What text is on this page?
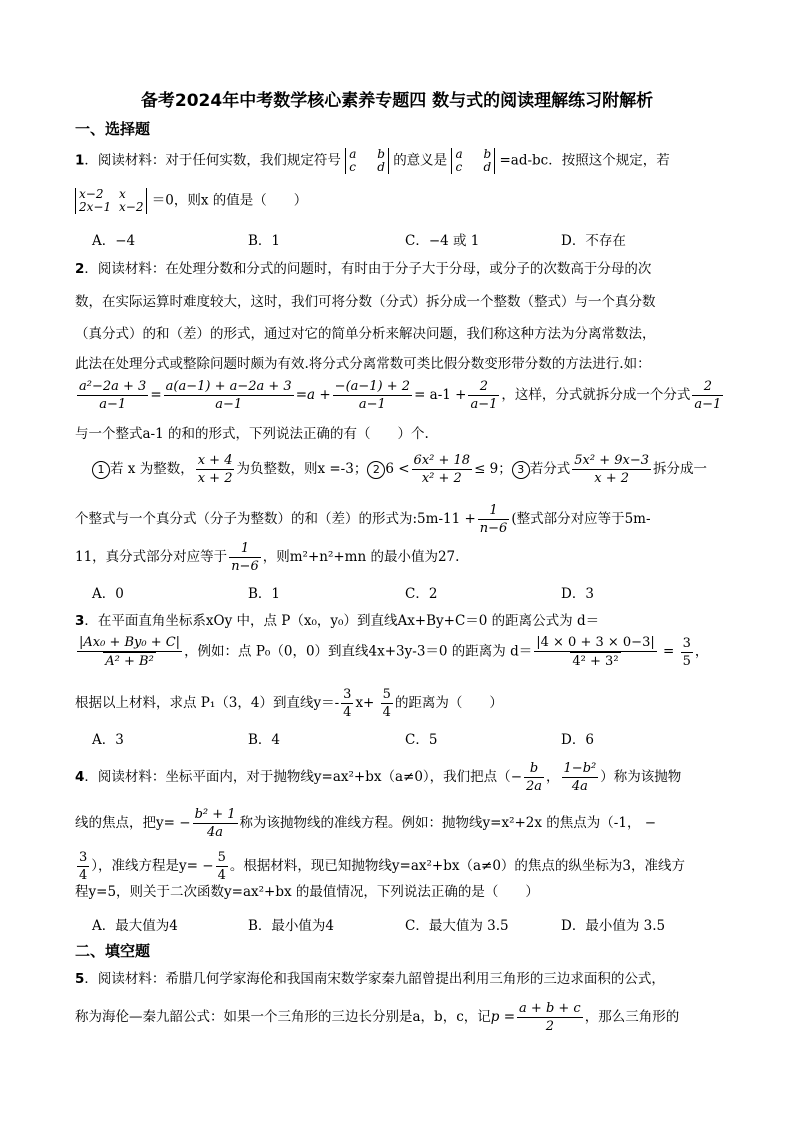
备考2024年中考数学核心素养专题四 数与式的阅读理解练习附解析
一、选择题
1．阅读材料：对于任何实数，我们规定符号 a b
c d 的意义是 a b
c d =ad-bc．按照这个规定，若
x−2 x
2x−1 x−2 ＝0，则x 的值是（　　）
A．−4	B．1	C．−4 或 1	D．不存在
2．阅读材料：在处理分数和分式的问题时，有时由于分子大于分母，或分子的次数高于分母的次
数，在实际运算时难度较大，这时，我们可将分数（分式）拆分成一个整数（整式）与一个真分数
（真分式）的和（差）的形式，通过对它的简单分析来解决问题，我们称这种方法为分离常数法，
此法在处理分式或整除问题时颇为有效.将分式分离常数可类比假分数变形带分数的方法进行.如：
$\frac{\text{a²−2a + 3}}{a-1} = \frac{a(a-1) + a-2a + 3}{a-1} =a + \frac{-(a-1) + 2}{a-1} = a-1 + \frac{2}{a-1}$ ，这样，分式就拆分成一个分式 $\frac{2}{a-1}$
与一个整式a-1 的和的形式，下列说法正确的有（　　）个.
1 若 x 为整数， $\frac{x + 4}{x + 2}$ 为负整数，则x =-3； 2 $6 < \frac{\text{6x² + 18}}{\text{x² + 2}} \le 9$； 3 若分式 $\frac{\text{5x² + 9x−3}}{x + 2}$ 拆分成一
个整式与一个真分式（分子为整数）的和（差）的形式为:5m-11 + $\frac{1}{n-6}$ (整式部分对应等于5m-
11，真分式部分对应等于 $\frac{1}{n-6}$ ，则m²+n²+mn 的最小值为27.
A．0	B．1	C．2	D．3
3．在平面直角坐标系xOy 中，点 P（x₀，y₀）到直线Ax+By+C＝0 的距离公式为 d＝
$\frac{\text{|Ax₀ + By₀ + C|}}{\text{A² + B²}}$ ，例如：点 P₀（0，0）到直线4x+3y-3＝0 的距离为 $d= \frac{|4 \times 0 + 3 \times 0-3|}{\text{4² + 3²}} = \frac{3}{5}$ ，
根据以上材料，求点 P₁（3，4）到直线$y=- \frac{3}{4} x+ \frac{5}{4}$ 的距离为（　　）
A．3	B．4	C．5	D．6
4．阅读材料：坐标平面内，对于抛物线y=ax²+bx（a≠0），我们把点（− $\frac{b}{2a}$ ， $\frac{\text{1−b²}}{4a}$ ）称为该抛物
线的焦点，把$y= - \frac{\text{b² + 1}}{4a}$ 称为该抛物线的准线方程。例如：抛物线y=x²+2x 的焦点为（-1， −
$\frac{3}{4}$ ），准线方程是$y= - \frac{5}{4}$ 。根据材料，现已知抛物线y=ax²+bx（a≠0）的焦点的纵坐标为3，准线方
程y=5，则关于二次函数y=ax²+bx 的最值情况，下列说法正确的是（　　）
A．最大值为4	B．最小值为4	C．最大值为 3.5	D．最小值为 3.5
二、填空题
5．阅读材料：希腊几何学家海伦和我国南宋数学家秦九韶曾提出利用三角形的三边求面积的公式，
称为海伦—秦九韶公式：如果一个三角形的三边长分别是a，b，c，记$p = \frac{a + b + c}{2}$ ，那么三角形的
